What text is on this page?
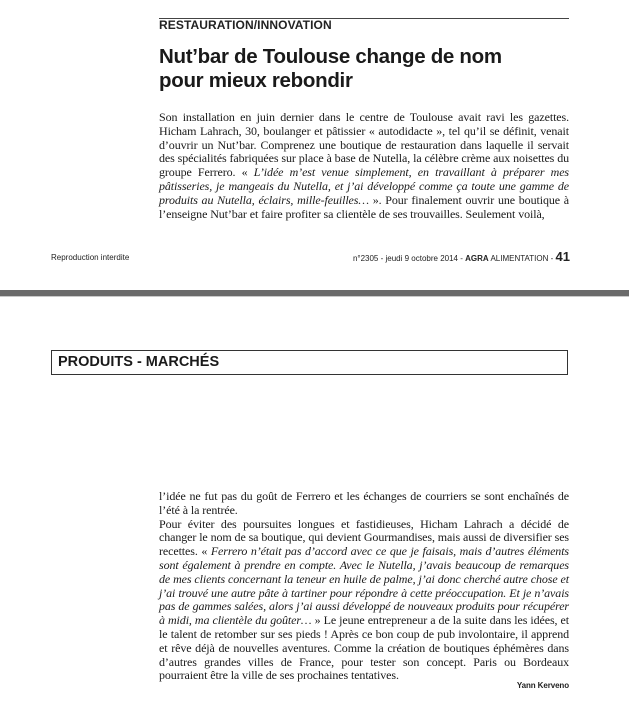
RESTAURATION/INNOVATION
Nut’bar de Toulouse change de nom
pour mieux rebondir

Son installation en juin dernier dans le centre de Toulouse avait ravi les gazettes. Hicham Lahrach, 30, boulanger et pâtissier « autodidacte », tel qu’il se définit, venait d’ouvrir un Nut’bar. Comprenez une boutique de restauration dans laquelle il servait des spécialités fabriquées sur place à base de Nutella, la célèbre crème aux noisettes du groupe Ferrero. « L’idée m’est venue simplement, en travaillant à préparer mes pâtisseries, je mangeais du Nutella, et j’ai développé comme ça toute une gamme de produits au Nutella, éclairs, mille-feuilles… ». Pour finalement ouvrir une boutique à l’enseigne Nut’bar et faire profiter sa clientèle de ses trouvailles. Seulement voilà,

Reproduction interdite	n°2305 - jeudi 9 octobre 2014 - AGRA ALIMENTATION - 41
PRODUITS - MARCHÉS

l’idée ne fut pas du goût de Ferrero et les échanges de courriers se sont enchaînés de l’été à la rentrée.

Pour éviter des poursuites longues et fastidieuses, Hicham Lahrach a décidé de changer le nom de sa boutique, qui devient Gourmandises, mais aussi de diversifier ses recettes. « Ferrero n’était pas d’accord avec ce que je faisais, mais d’autres éléments sont également à prendre en compte. Avec le Nutella, j’avais beaucoup de remarques de mes clients concernant la teneur en huile de palme, j’ai donc cherché autre chose et j’ai trouvé une autre pâte à tartiner pour répondre à cette préoccupation. Et je n’avais pas de gammes salées, alors j’ai aussi développé de nouveaux produits pour récupérer à midi, ma clientèle du goûter… » Le jeune entrepreneur a de la suite dans les idées, et le talent de retomber sur ses pieds ! Après ce bon coup de pub involontaire, il apprend et rêve déjà de nouvelles aventures. Comme la création de boutiques éphémères dans d’autres grandes villes de France, pour tester son concept. Paris ou Bordeaux pourraient être la ville de ses prochaines tentatives.

Yann Kerveno
